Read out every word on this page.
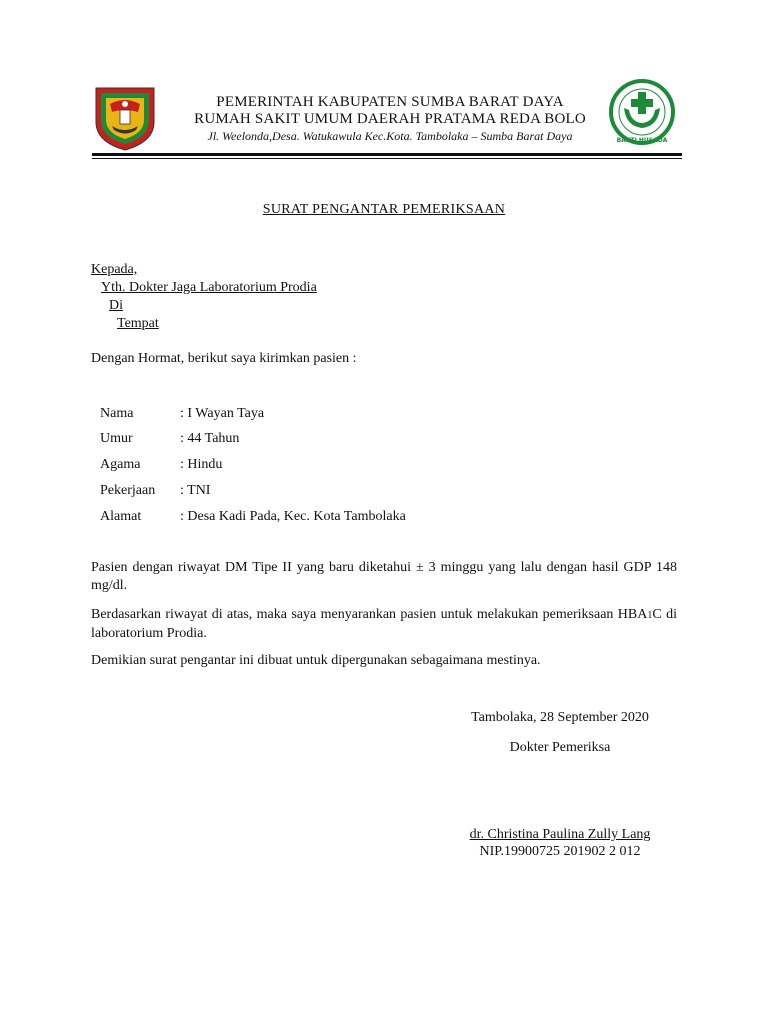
BAKTI HUSADA
PEMERINTAH KABUPATEN SUMBA BARAT DAYA
RUMAH SAKIT UMUM DAERAH PRATAMA REDA BOLO
Jl. Weelonda,Desa. Watukawula Kec.Kota. Tambolaka – Sumba Barat Daya
SURAT PENGANTAR PEMERIKSAAN
Kepada,
Yth. Dokter Jaga Laboratorium Prodia
Di
Tempat
Dengan Hormat, berikut saya kirimkan pasien :
Nama	: I Wayan Taya
Umur	: 44 Tahun
Agama	: Hindu
Pekerjaan : TNI
Alamat	: Desa Kadi Pada, Kec. Kota Tambolaka
Pasien dengan riwayat DM Tipe II yang baru diketahui ± 3 minggu yang lalu dengan hasil GDP 148 mg/dl.
Berdasarkan riwayat di atas, maka saya menyarankan pasien untuk melakukan pemeriksaan HBA1C di laboratorium Prodia.
Demikian surat pengantar ini dibuat untuk dipergunakan sebagaimana mestinya.
Tambolaka, 28 September 2020
Dokter Pemeriksa
dr. Christina Paulina Zully Lang
NIP.19900725 201902 2 012
